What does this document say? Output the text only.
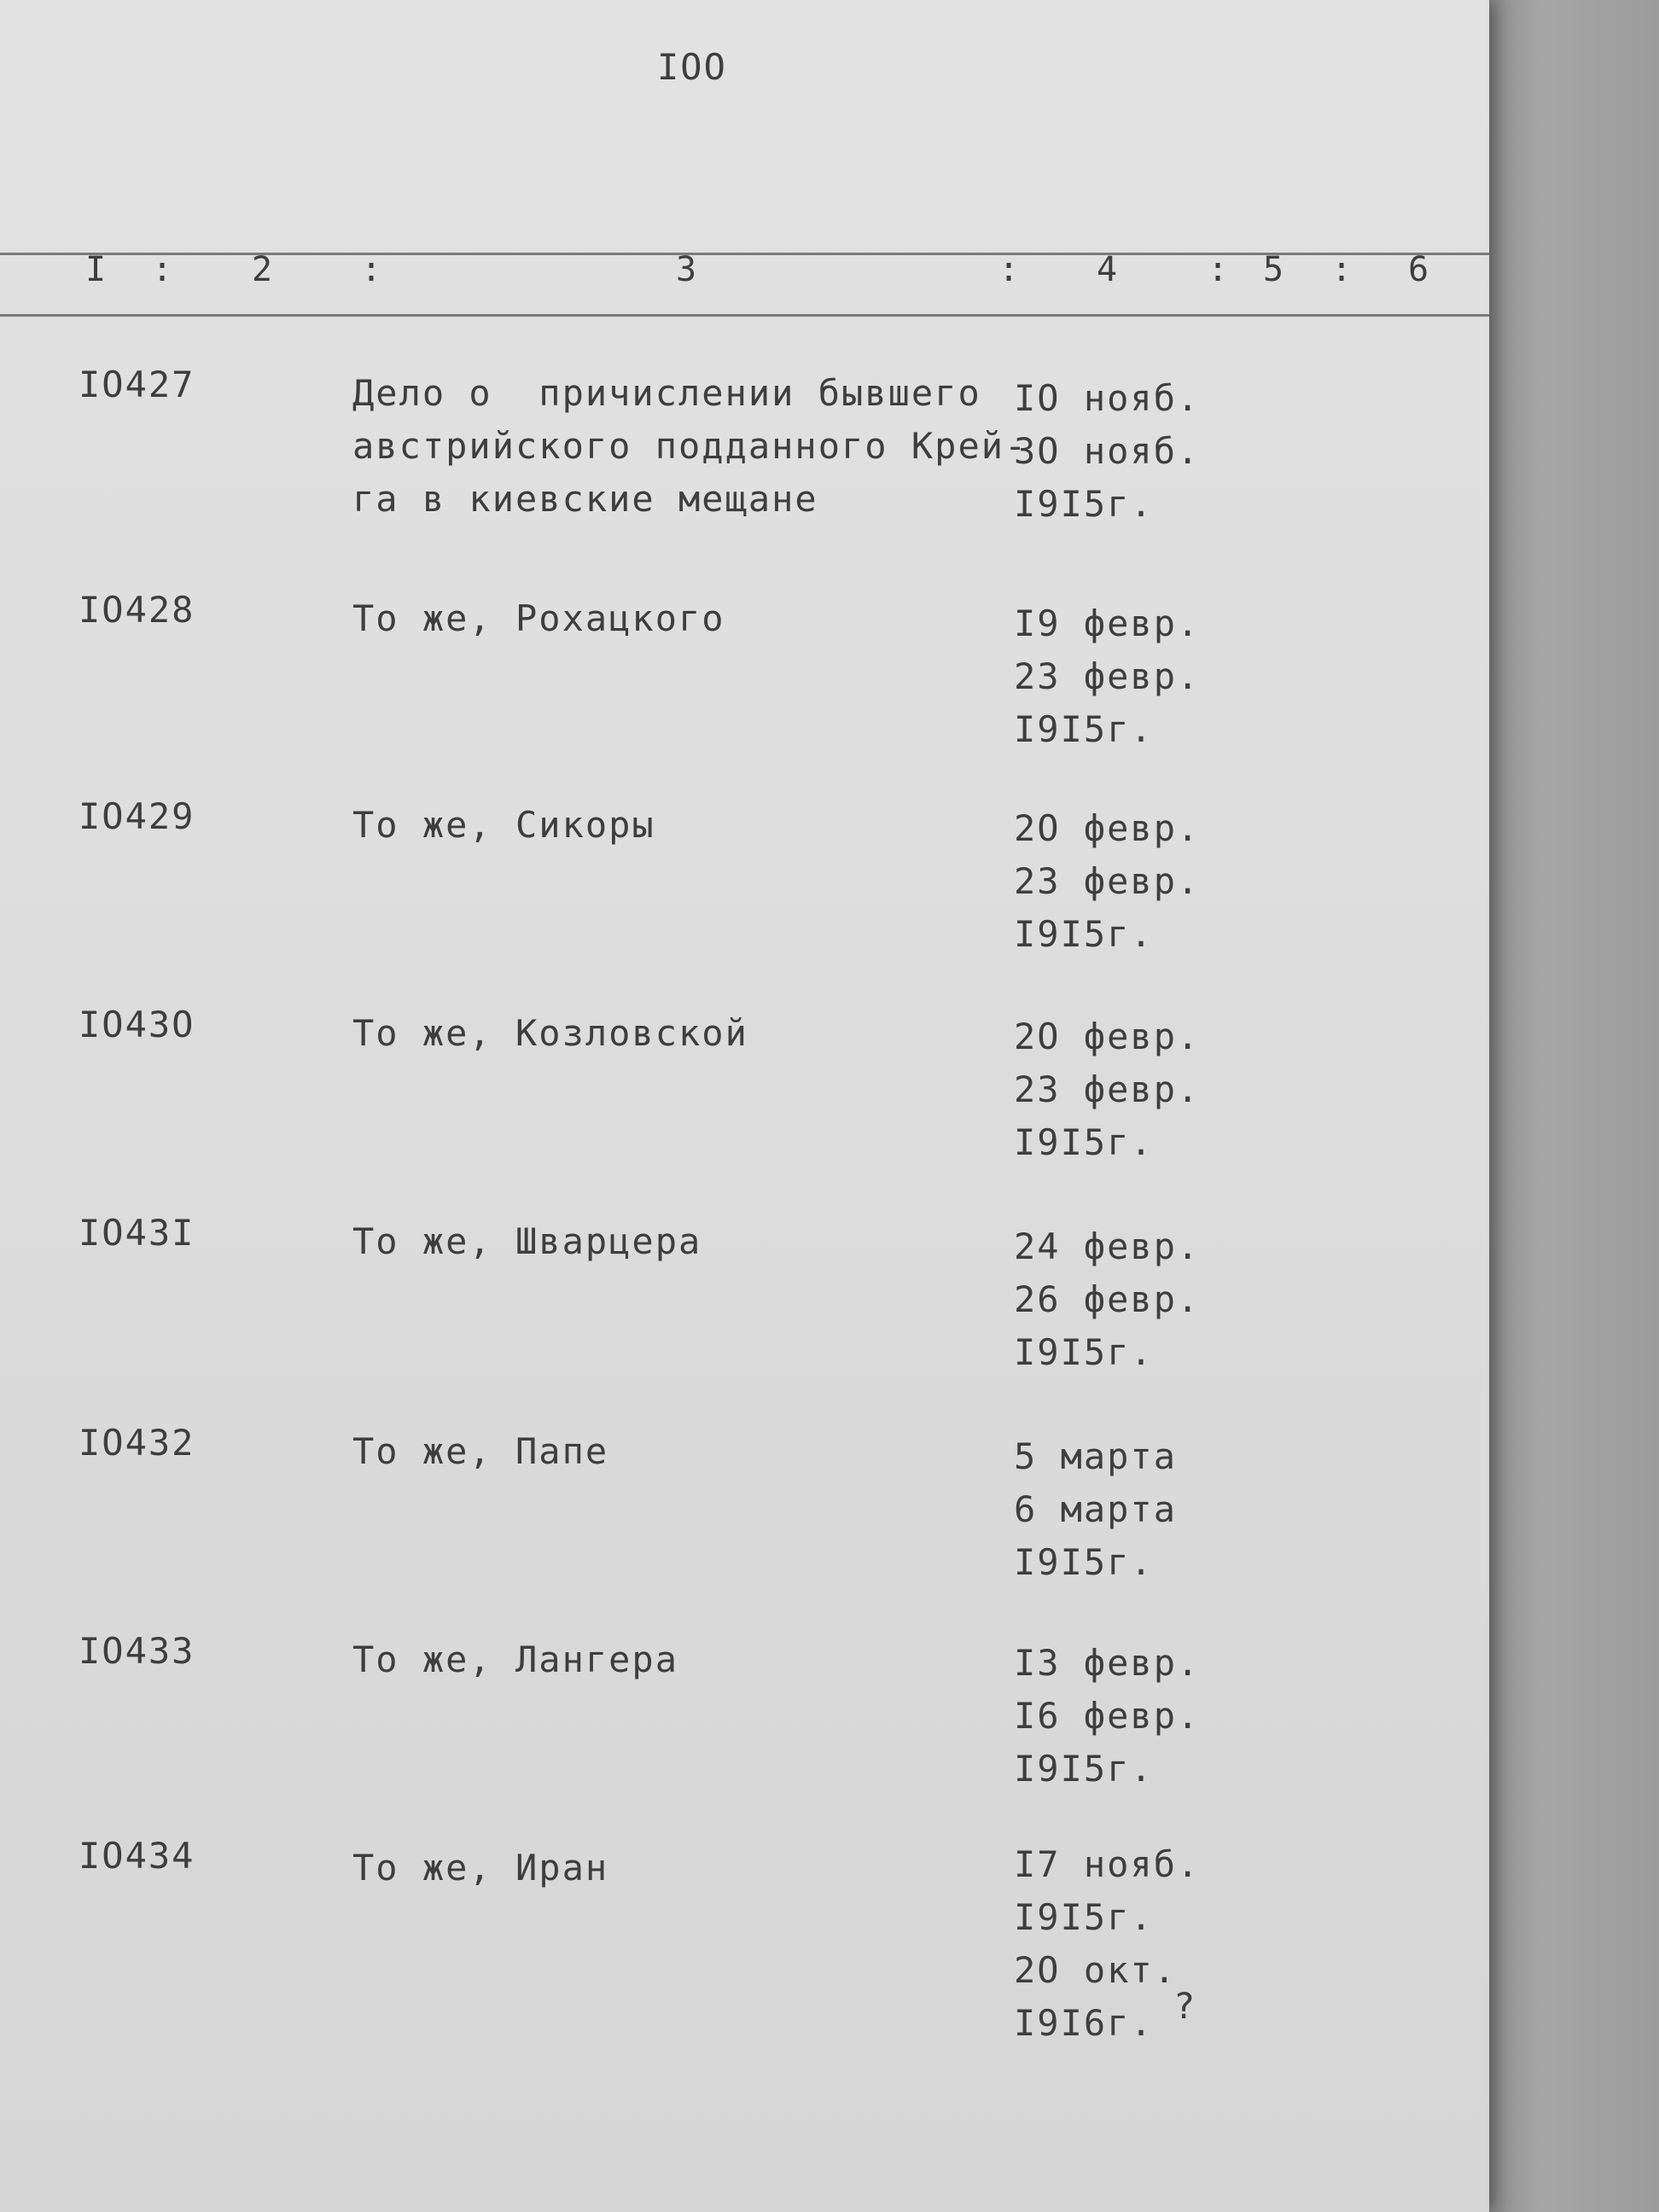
IOO
I : 2	:	3	: 4	: 5 : 6
IO427	Дело о  причислении бывшего
австрийского подданного Крей-
га в киевские мещане
IO нояб.
3O нояб.
I9I5г.
IO428	То же, Рохацкого	I9 февр.
23 февр.
I9I5г.
IO429	То же, Сикоры	2O февр.
23 февр.
I9I5г.
IO43O	То же, Козловской	2O февр.
23 февр.
I9I5г.
IO43I	То же, Шварцера	24 февр.
26 февр.
I9I5г.
IO432	То же, Папе	5 марта
6 марта
I9I5г.
IO433	То же, Лангера	I3 февр.
I6 февр.
I9I5г.
IO434	То же, Иран	I7 нояб.
I9I5г.
2O окт.
I9I6г. ?
